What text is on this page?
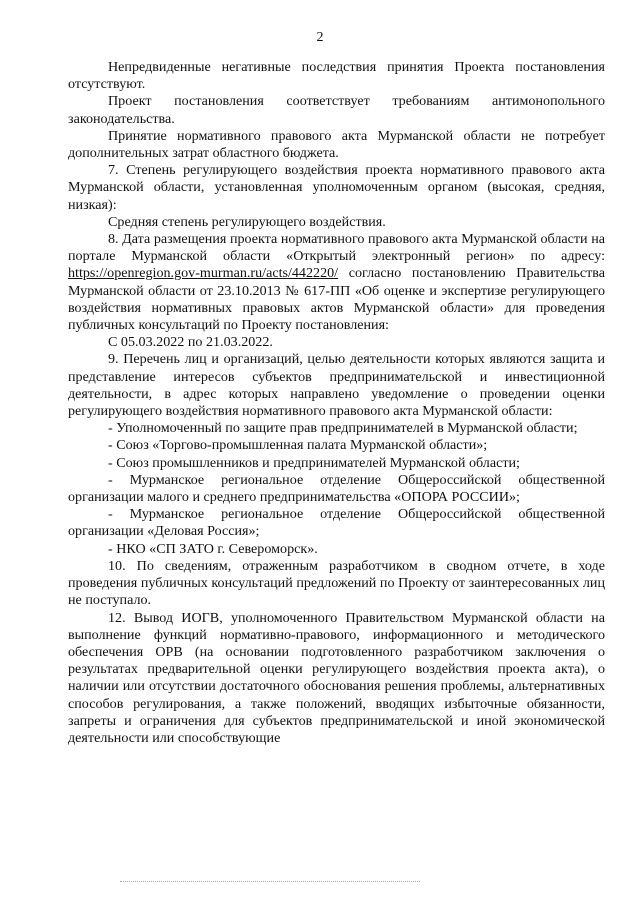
2

Непредвиденные негативные последствия принятия Проекта постановления отсутствуют.

Проект постановления соответствует требованиям антимонопольного законодательства.

Принятие нормативного правового акта Мурманской области не потребует дополнительных затрат областного бюджета.

7. Степень регулирующего воздействия проекта нормативного правового акта Мурманской области, установленная уполномоченным органом (высокая, средняя, низкая):

Средняя степень регулирующего воздействия.

8. Дата размещения проекта нормативного правового акта Мурманской области на портале Мурманской области «Открытый электронный регион» по адресу: https://openregion.gov-murman.ru/acts/442220/ согласно постановлению Правительства Мурманской области от 23.10.2013 № 617-ПП «Об оценке и экспертизе регулирующего воздействия нормативных правовых актов Мурманской области» для проведения публичных консультаций по Проекту постановления:

С 05.03.2022 по 21.03.2022.

9. Перечень лиц и организаций, целью деятельности которых являются защита и представление интересов субъектов предпринимательской и инвестиционной деятельности, в адрес которых направлено уведомление о проведении оценки регулирующего воздействия нормативного правового акта Мурманской области:

- Уполномоченный по защите прав предпринимателей в Мурманской области;

- Союз «Торгово-промышленная палата Мурманской области»;

- Союз промышленников и предпринимателей Мурманской области;

- Мурманское региональное отделение Общероссийской общественной организации малого и среднего предпринимательства «ОПОРА РОССИИ»;

- Мурманское региональное отделение Общероссийской общественной организации «Деловая Россия»;

- НКО «СП ЗАТО г. Североморск».

10. По сведениям, отраженным разработчиком в сводном отчете, в ходе проведения публичных консультаций предложений по Проекту от заинтересованных лиц не поступало.

12. Вывод ИОГВ, уполномоченного Правительством Мурманской области на выполнение функций нормативно-правового, информационного и методического обеспечения ОРВ (на основании подготовленного разработчиком заключения о результатах предварительной оценки регулирующего воздействия проекта акта), о наличии или отсутствии достаточного обоснования решения проблемы, альтернативных способов регулирования, а также положений, вводящих избыточные обязанности, запреты и ограничения для субъектов предпринимательской и иной экономической деятельности или способствующие
